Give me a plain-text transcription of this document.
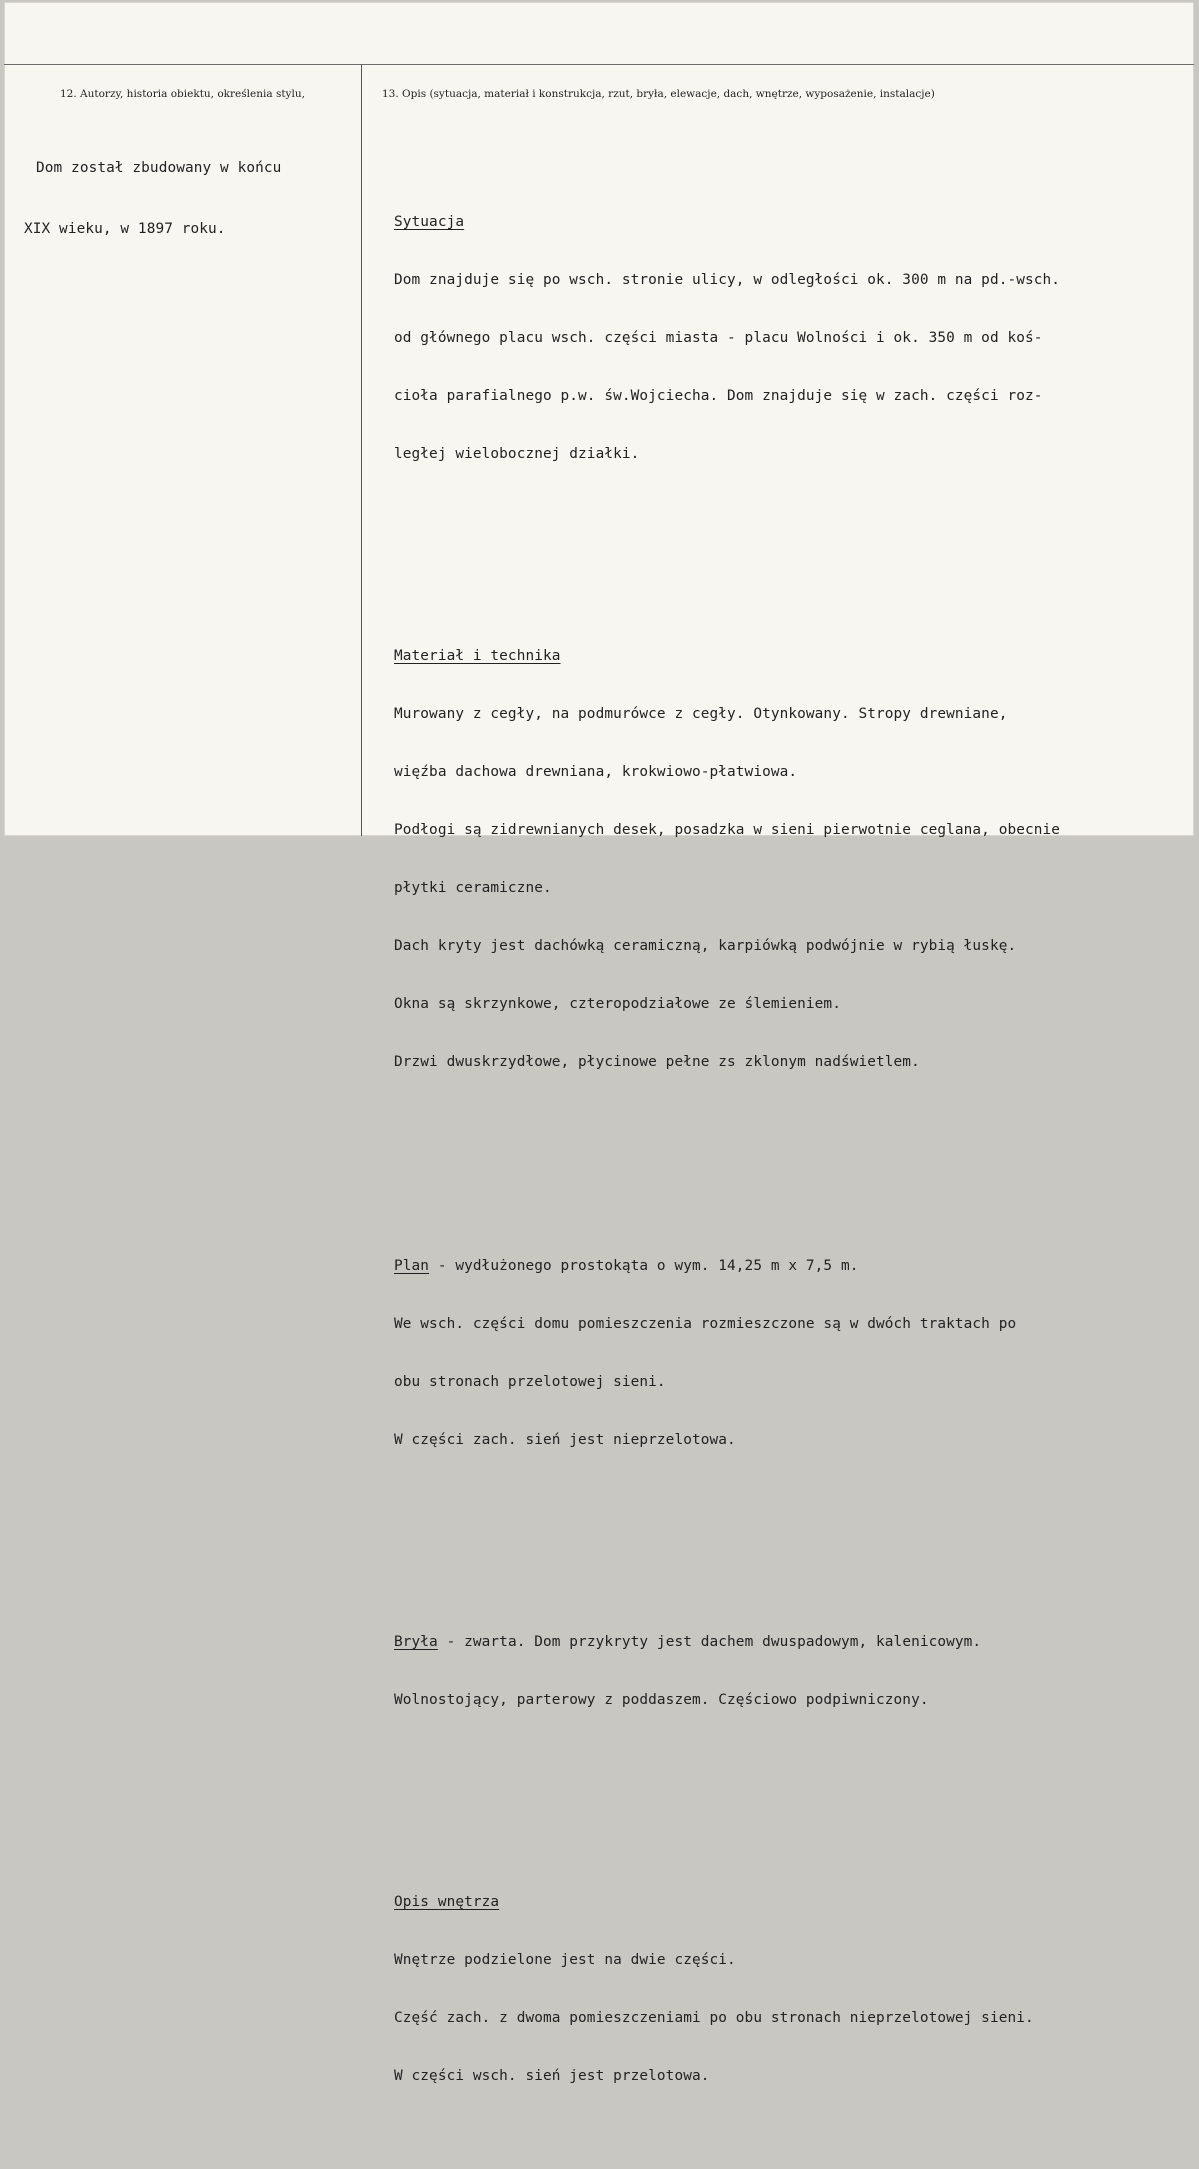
12. Autorzy, historia obiektu, określenia stylu,	13. Opis (sytuacja, materiał i konstrukcja, rzut, bryła, elewacje, dach, wnętrze, wyposażenie, instalacje)

Dom został zbudowany w końcu

XIX wieku, w 1897 roku.

	Sytuacja

Dom znajduje się po wsch. stronie ulicy, w odległości ok. 300 m na pd.-wsch.

od głównego placu wsch. części miasta - placu Wolności i ok. 350 m od koś-

cioła parafialnego p.w. św.Wojciecha. Dom znajduje się w zach. części roz-

ległej wielobocznej działki.

Materiał i technika

Murowany z cegły, na podmurówce z cegły. Otynkowany. Stropy drewniane,

więźba dachowa drewniana, krokwiowo-płatwiowa.

Podłogi są zidrewnianych desek, posadzka w sieni pierwotnie ceglana, obecnie

płytki ceramiczne.

Dach kryty jest dachówką ceramiczną, karpiówką podwójnie w rybią łuskę.

Okna są skrzynkowe, czteropodziałowe ze ślemieniem.

Drzwi dwuskrzydłowe, płycinowe pełne zs zklonym nadświetlem.

Plan - wydłużonego prostokąta o wym. 14,25 m x 7,5 m.

We wsch. części domu pomieszczenia rozmieszczone są w dwóch traktach po

obu stronach przelotowej sieni.

W części zach. sień jest nieprzelotowa.

Bryła - zwarta. Dom przykryty jest dachem dwuspadowym, kalenicowym.

Wolnostojący, parterowy z poddaszem. Częściowo podpiwniczony.

Opis wnętrza

Wnętrze podzielone jest na dwie części.

Część zach. z dwoma pomieszczeniami po obu stronach nieprzelotowej sieni.

W części wsch. sień jest przelotowa.
